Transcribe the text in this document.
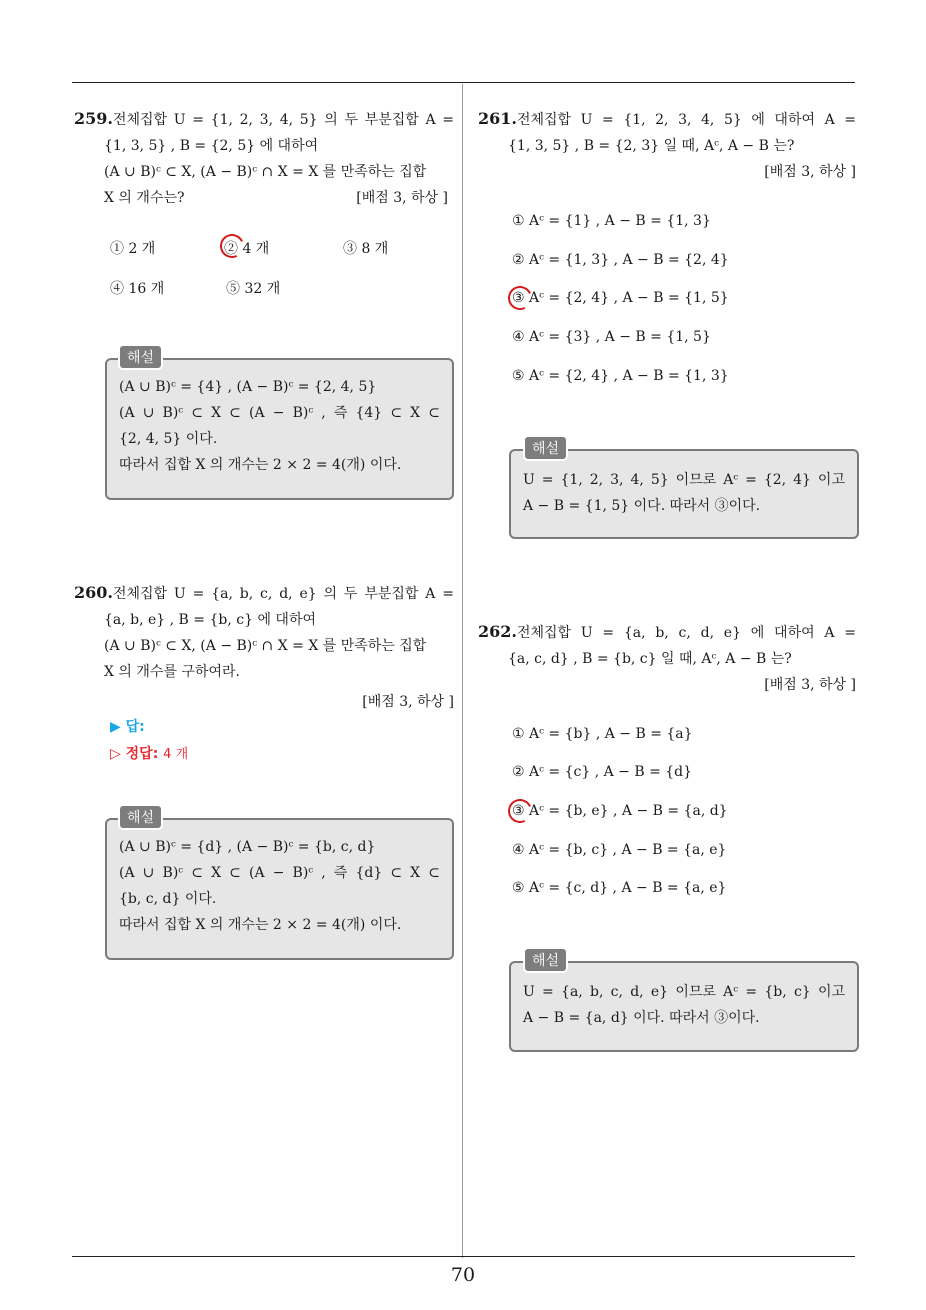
70
259.전체집합 U = {1, 2, 3, 4, 5} 의 두 부분집합 A =
{1, 3, 5} , B = {2, 5} 에 대하여
(A ∪ B)ᶜ ⊂ X, (A − B)ᶜ ∩ X = X 를 만족하는 집합
X 의 개수는?	[배점 3, 하상 ]
① 2 개	② 4 개	③ 8 개
④ 16 개	⑤ 32 개
(A ∪ B)ᶜ = {4} , (A − B)ᶜ = {2, 4, 5}
(A ∪ B)ᶜ ⊂ X ⊂ (A − B)ᶜ , 즉 {4} ⊂ X ⊂
{2, 4, 5} 이다.
따라서 집합 X 의 개수는 2 × 2 = 4(개) 이다.
해설
260.전체집합 U = {a, b, c, d, e} 의 두 부분집합 A =
{a, b, e} , B = {b, c} 에 대하여
(A ∪ B)ᶜ ⊂ X, (A − B)ᶜ ∩ X = X 를 만족하는 집합
X 의 개수를 구하여라.
[배점 3, 하상 ]
▶ 답:
▷ 정답: 4 개
(A ∪ B)ᶜ = {d} , (A − B)ᶜ = {b, c, d}
(A ∪ B)ᶜ ⊂ X ⊂ (A − B)ᶜ , 즉 {d} ⊂ X ⊂
{b, c, d} 이다.
따라서 집합 X 의 개수는 2 × 2 = 4(개) 이다.
해설
261.전체집합 U = {1, 2, 3, 4, 5} 에 대하여 A =
{1, 3, 5} , B = {2, 3} 일 때, Aᶜ, A − B 는?
[배점 3, 하상 ]
① Aᶜ = {1} , A − B = {1, 3}
② Aᶜ = {1, 3} , A − B = {2, 4}
③ Aᶜ = {2, 4} , A − B = {1, 5}
④ Aᶜ = {3} , A − B = {1, 5}
⑤ Aᶜ = {2, 4} , A − B = {1, 3}
U = {1, 2, 3, 4, 5} 이므로 Aᶜ = {2, 4} 이고
A − B = {1, 5} 이다. 따라서 ③이다.
해설
262.전체집합 U = {a, b, c, d, e} 에 대하여 A =
{a, c, d} , B = {b, c} 일 때, Aᶜ, A − B 는?
[배점 3, 하상 ]
① Aᶜ = {b} , A − B = {a}
② Aᶜ = {c} , A − B = {d}
③ Aᶜ = {b, e} , A − B = {a, d}
④ Aᶜ = {b, c} , A − B = {a, e}
⑤ Aᶜ = {c, d} , A − B = {a, e}
U = {a, b, c, d, e} 이므로 Aᶜ = {b, c} 이고
A − B = {a, d} 이다. 따라서 ③이다.
해설
